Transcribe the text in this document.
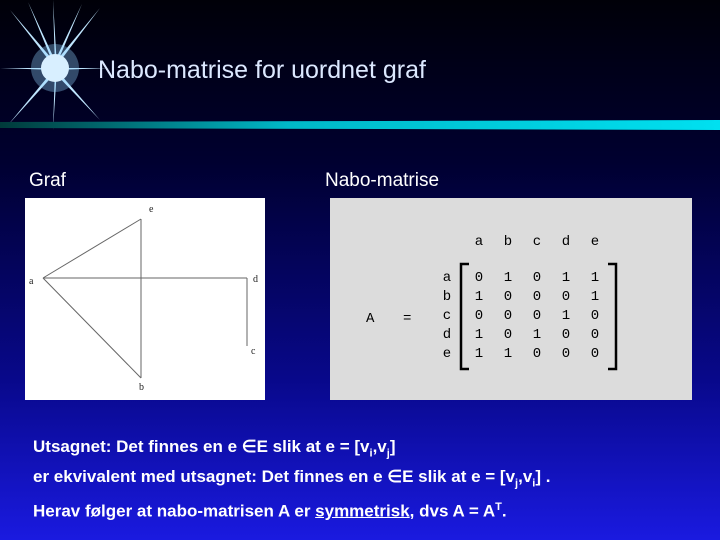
Nabo-matrise for uordnet graf
Graf	Nabo-matrise
e
a	d
c
b
A =
a b c d e
a
b
c
d
e
0 1 0 1 1
1 0 0 0 1
0 0 0 1 0
1 0 1 0 0
1 1 0 0 0
Utsagnet: Det finnes en e ∈E slik at $e = [v_i,v_j]$
er ekvivalent med utsagnet: Det finnes en e ∈E slik at $e = [v_j,v_i]$ .
Herav følger at nabo-matrisen A er symmetrisk, dvs $A = A^T$.
